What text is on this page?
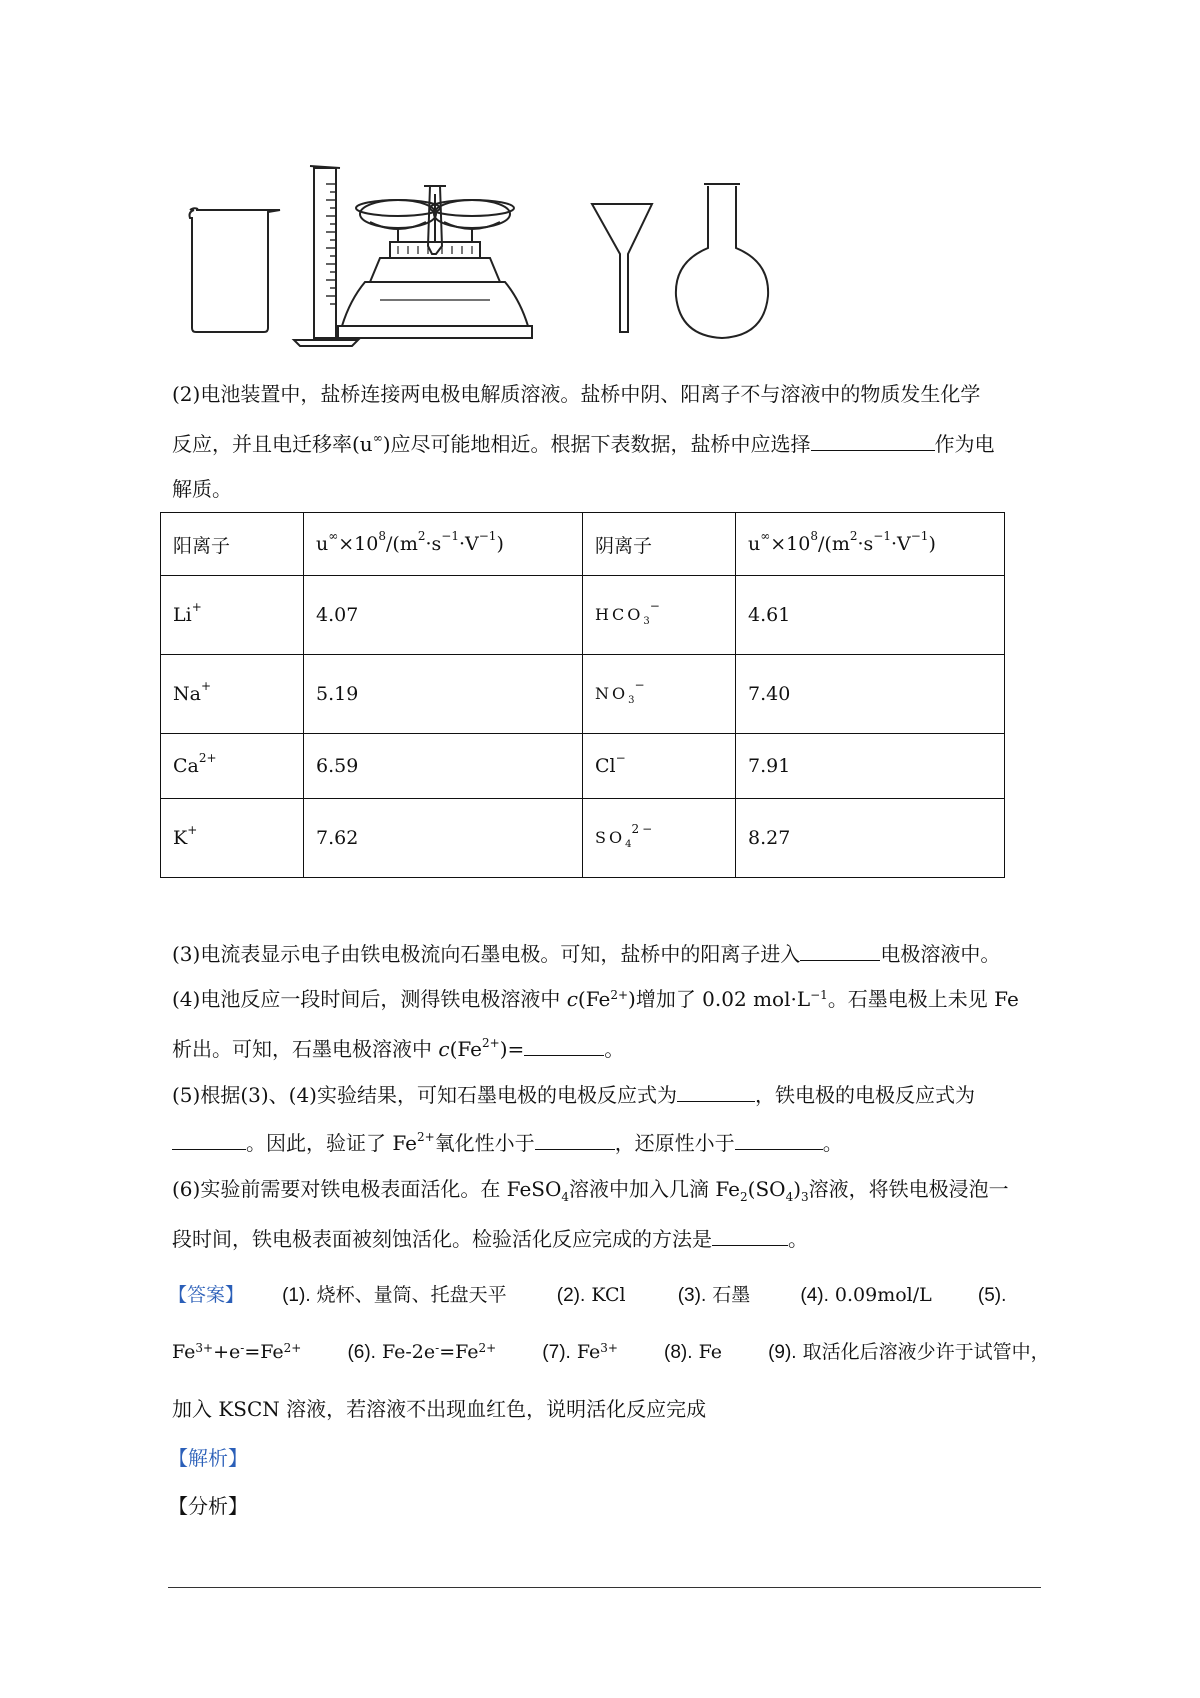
(2)电池装置中，盐桥连接两电极电解质溶液。盐桥中阴、阳离子不与溶液中的物质发生化学
反应，并且电迁移率(u∞)应尽可能地相近。根据下表数据，盐桥中应选择	作为电
解质。
阳离子	$u^\infty\times 10^8/(m^2\cdot s^{-1}\cdot V^{-1})$	阴离子	$u^\infty\times 10^8/(m^2\cdot s^{-1}\cdot V^{-1})$
Li+	4.07	$HCO_3^-$	4.61
Na+	5.19	$NO_3^-$	7.40
$Ca^{2+}$	6.59	Cl−	7.91
K+	7.62	$SO_4^{2-}$	8.27
(3)电流表显示电子由铁电极流向石墨电极。可知，盐桥中的阳离子进入	电极溶液中。
(4)电池反应一段时间后，测得铁电极溶液中 $c(Fe^{2+})$增加了 0.02 $mol\cdot L^{-1}$。石墨电极上未见 Fe
析出。可知，石墨电极溶液中 $c(Fe^{2+})=$	。
(5)根据(3)、(4)实验结果，可知石墨电极的电极反应式为	，铁电极的电极反应式为
。因此，验证了 $Fe^{2+}$氧化性小于	，还原性小于	。
(6)实验前需要对铁电极表面活化。在 FeSO$_4$溶液中加入几滴 $Fe_2(SO_4)_3$溶液，将铁电极浸泡一
段时间，铁电极表面被刻蚀活化。检验活化反应完成的方法是	。
【答案】 (1). 烧杯、量筒、托盘天平	(2). KCl	(3). 石墨	(4). 0.09mol/L (5).
$Fe^{3+}+e^-=Fe^{2+}$ (6). $Fe-2e^-=Fe^{2+}$ (7). $Fe^{3+}$ (8). Fe (9). 取活化后溶液少许于试管中，
加入 KSCN 溶液，若溶液不出现血红色，说明活化反应完成
【解析】
【分析】
